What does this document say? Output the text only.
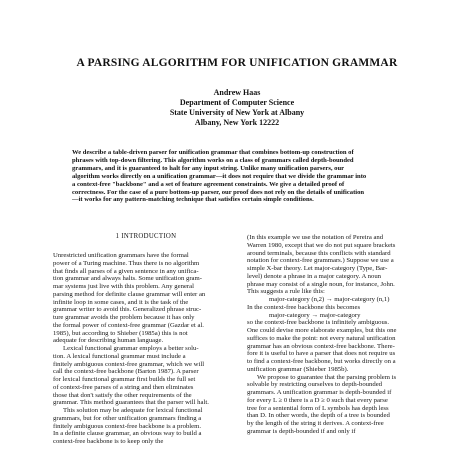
A PARSING ALGORITHM FOR UNIFICATION GRAMMAR
Andrew Haas
Department of Computer Science
State University of New York at Albany
Albany, New York 12222
We describe a table-driven parser for unification grammar that combines bottom-up construction of
phrases with top-down filtering. This algorithm works on a class of grammars called depth-bounded
grammars, and it is guaranteed to halt for any input string. Unlike many unification parsers, our
algorithm works directly on a unification grammar—it does not require that we divide the grammar into
a context-free "backbone" and a set of feature agreement constraints. We give a detailed proof of
correctness. For the case of a pure bottom-up parser, our proof does not rely on the details of unification
—it works for any pattern-matching technique that satisfies certain simple conditions.
1 INTRODUCTION
Unrestricted unification grammars have the formal
power of a Turing machine. Thus there is no algorithm
that finds all parses of a given sentence in any unifica-
tion grammar and always halts. Some unification gram-
mar systems just live with this problem. Any general
parsing method for definite clause grammar will enter an
infinite loop in some cases, and it is the task of the
grammar writer to avoid this. Generalized phrase struc-
ture grammar avoids the problem because it has only
the formal power of context-free grammar (Gazdar et al.
1985), but according to Shieber (1985a) this is not
adequate for describing human language.
Lexical functional grammar employs a better solu-
tion. A lexical functional grammar must include a
finitely ambiguous context-free grammar, which we will
call the context-free backbone (Barton 1987). A parser
for lexical functional grammar first builds the full set
of context-free parses of a string and then eliminates
those that don't satisfy the other requirements of the
grammar. This method guarantees that the parser will halt.
This solution may be adequate for lexical functional
grammars, but for other unification grammars finding a
finitely ambiguous context-free backbone is a problem.
In a definite clause grammar, an obvious way to build a
context-free backbone is to keep only the
(In this example we use the notation of Pereira and
Warren 1980, except that we do not put square brackets
around terminals, because this conflicts with standard
notation for context-free grammars.) Suppose we use a
simple X-bar theory. Let major-category (Type, Bar-
level) denote a phrase in a major category. A noun
phrase may consist of a single noun, for instance, John.
This suggests a rule like this:
major-category (n,2) → major-category (n,1)
In the context-free backbone this becomes
major-category → major-category
so the context-free backbone is infinitely ambiguous.
One could devise more elaborate examples, but this one
suffices to make the point: not every natural unification
grammar has an obvious context-free backbone. There-
fore it is useful to have a parser that does not require us
to find a context-free backbone, but works directly on a
unification grammar (Shieber 1985b).
We propose to guarantee that the parsing problem is
solvable by restricting ourselves to depth-bounded
grammars. A unification grammar is depth-bounded if
for every L ≥ 0 there is a D ≥ 0 such that every parse
tree for a sentential form of L symbols has depth less
than D. In other words, the depth of a tree is bounded
by the length of the string it derives. A context-free
grammar is depth-bounded if and only if
